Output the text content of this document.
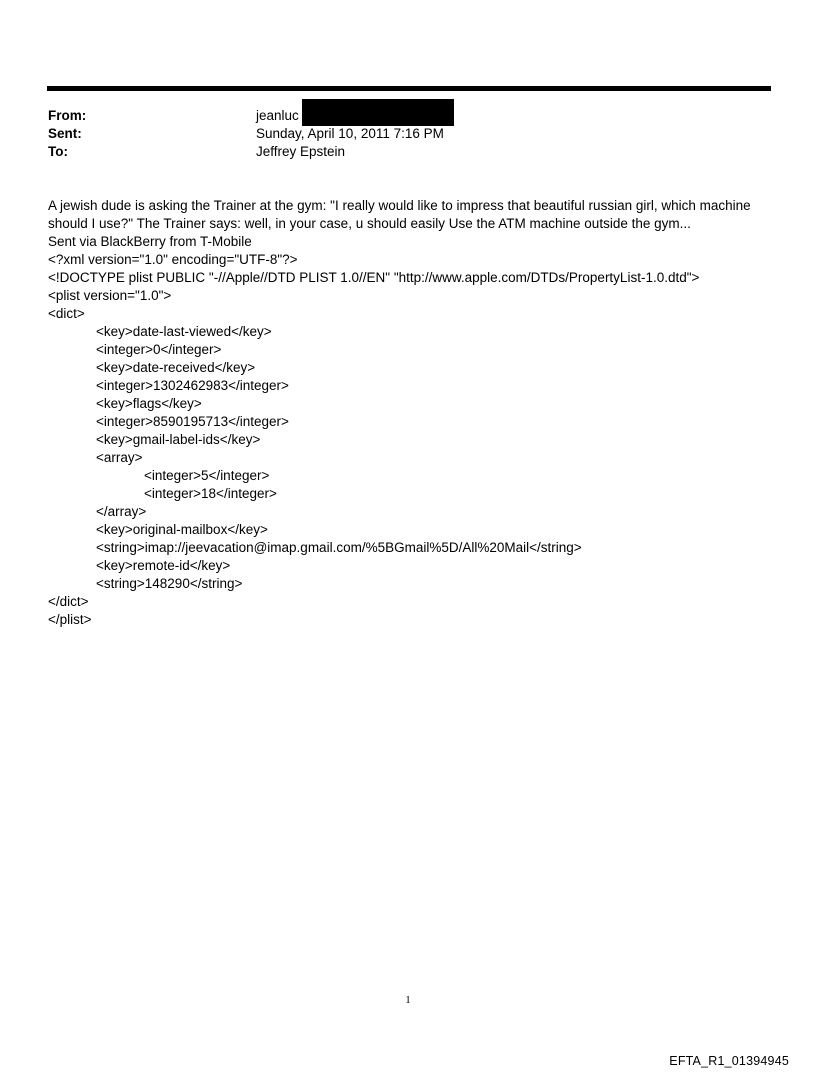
From:	jeanluc
Sent:	Sunday, April 10, 2011 7:16 PM
To:	Jeffrey Epstein
A jewish dude is asking the Trainer at the gym: "I really would like to impress that beautiful russian girl, which machine
should I use?" The Trainer says: well, in your case, u should easily Use the ATM machine outside the gym...
Sent via BlackBerry from T-Mobile
<?xml version="1.0" encoding="UTF-8"?>
<!DOCTYPE plist PUBLIC "-//Apple//DTD PLIST 1.0//EN" "http://www.apple.com/DTDs/PropertyList-1.0.dtd">
<plist version="1.0">
<dict>
<key>date-last-viewed</key>
<integer>0</integer>
<key>date-received</key>
<integer>1302462983</integer>
<key>flags</key>
<integer>8590195713</integer>
<key>gmail-label-ids</key>
<array>
<integer>5</integer>
<integer>18</integer>
</array>
<key>original-mailbox</key>
<string>imap://jeevacation@imap.gmail.com/%5BGmail%5D/All%20Mail</string>
<key>remote-id</key>
<string>148290</string>
</dict>
</plist>
1
EFTA_R1_01394945
